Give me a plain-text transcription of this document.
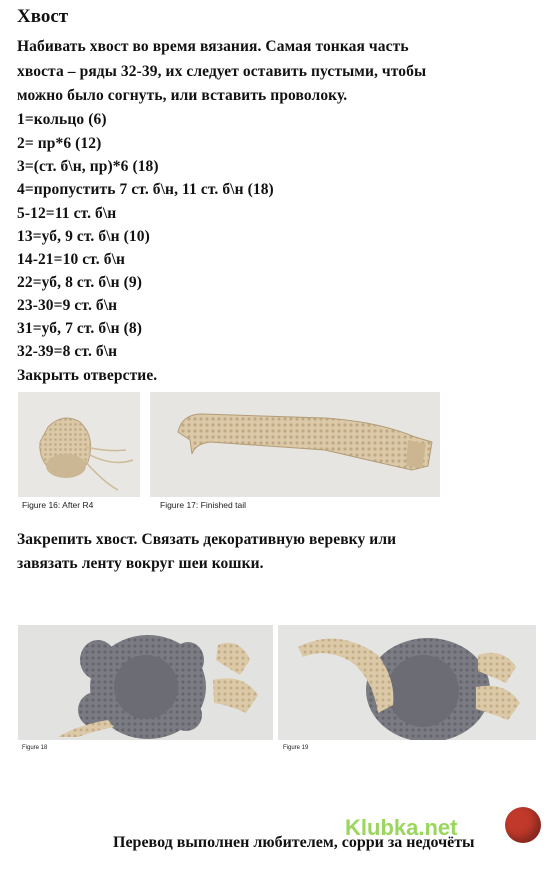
Хвост
Набивать хвост во время вязания. Самая тонкая часть
хвоста – ряды 32-39, их следует оставить пустыми, чтобы
можно было согнуть, или вставить проволоку.
1=кольцо (6)
2= пр*6 (12)
3=(ст. б\н, пр)*6 (18)
4=пропустить 7 ст. б\н, 11 ст. б\н (18)
5-12=11 ст. б\н
13=уб, 9 ст. б\н (10)
14-21=10 ст. б\н
22=уб, 8 ст. б\н (9)
23-30=9 ст. б\н
31=уб, 7 ст. б\н (8)
32-39=8 ст. б\н
Закрыть отверстие.
Figure 16: After R4	Figure 17: Finished tail
Закрепить хвост. Связать декоративную веревку или
завязать ленту вокруг шеи кошки.
Figure 18	Figure 19
Klubka.net
Перевод выполнен любителем, сорри за недочёты
